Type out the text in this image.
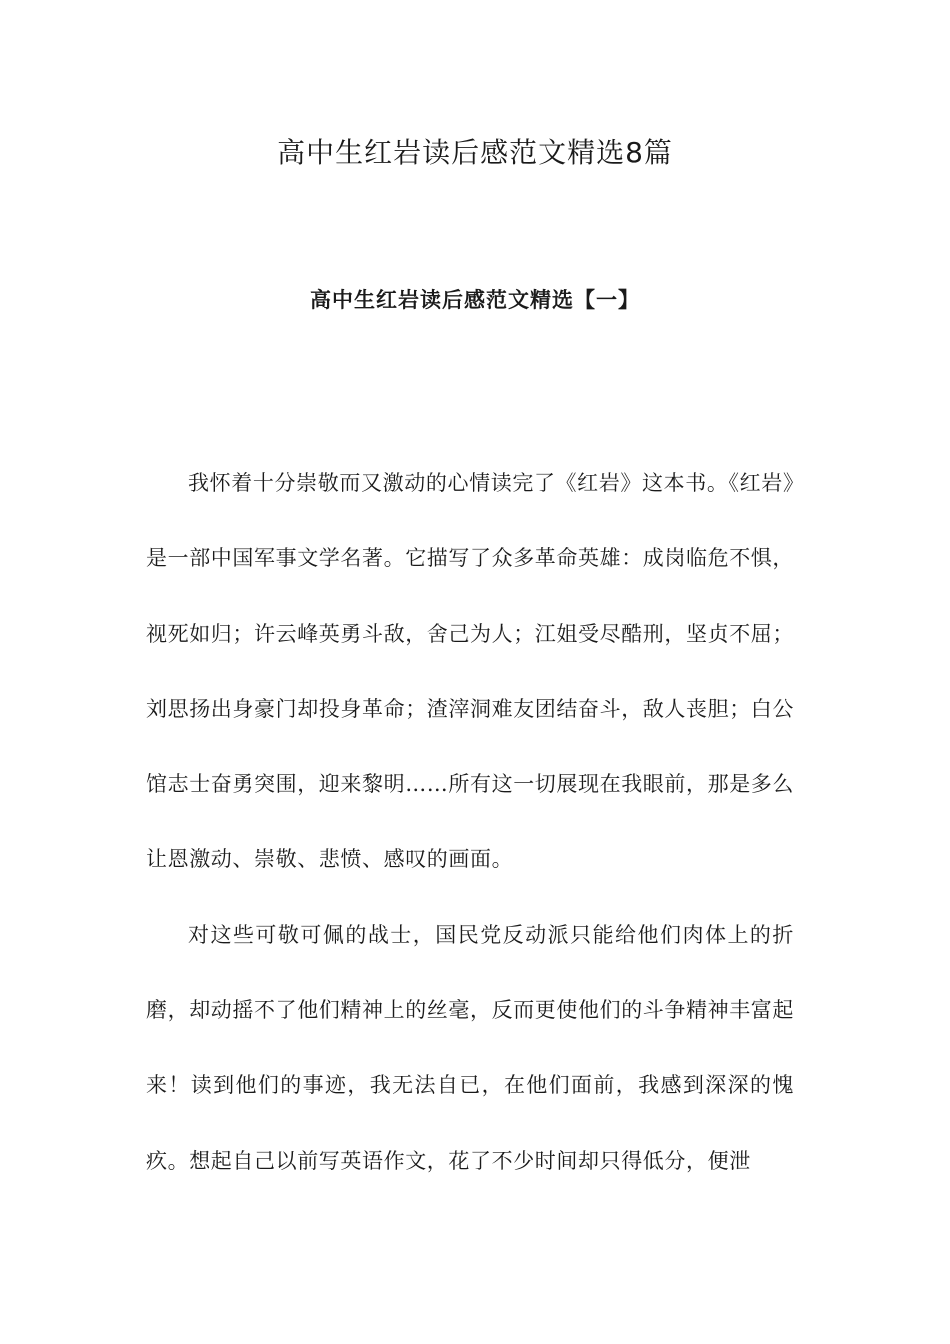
高中生红岩读后感范文精选8篇
高中生红岩读后感范文精选【一】

我怀着十分崇敬而又激动的心情读完了《红岩》这本书。《红岩》是一部中国军事文学名著。它描写了众多革命英雄：成岗临危不惧，视死如归；许云峰英勇斗敌，舍己为人；江姐受尽酷刑，坚贞不屈；刘思扬出身豪门却投身革命；渣滓洞难友团结奋斗，敌人丧胆；白公馆志士奋勇突围，迎来黎明……所有这一切展现在我眼前，那是多么让恩激动、崇敬、悲愤、感叹的画面。

对这些可敬可佩的战士，国民党反动派只能给他们肉体上的折磨，却动摇不了他们精神上的丝毫，反而更使他们的斗争精神丰富起来！读到他们的事迹，我无法自已，在他们面前，我感到深深的愧疚。想起自己以前写英语作文，花了不少时间却只得低分，便泄
